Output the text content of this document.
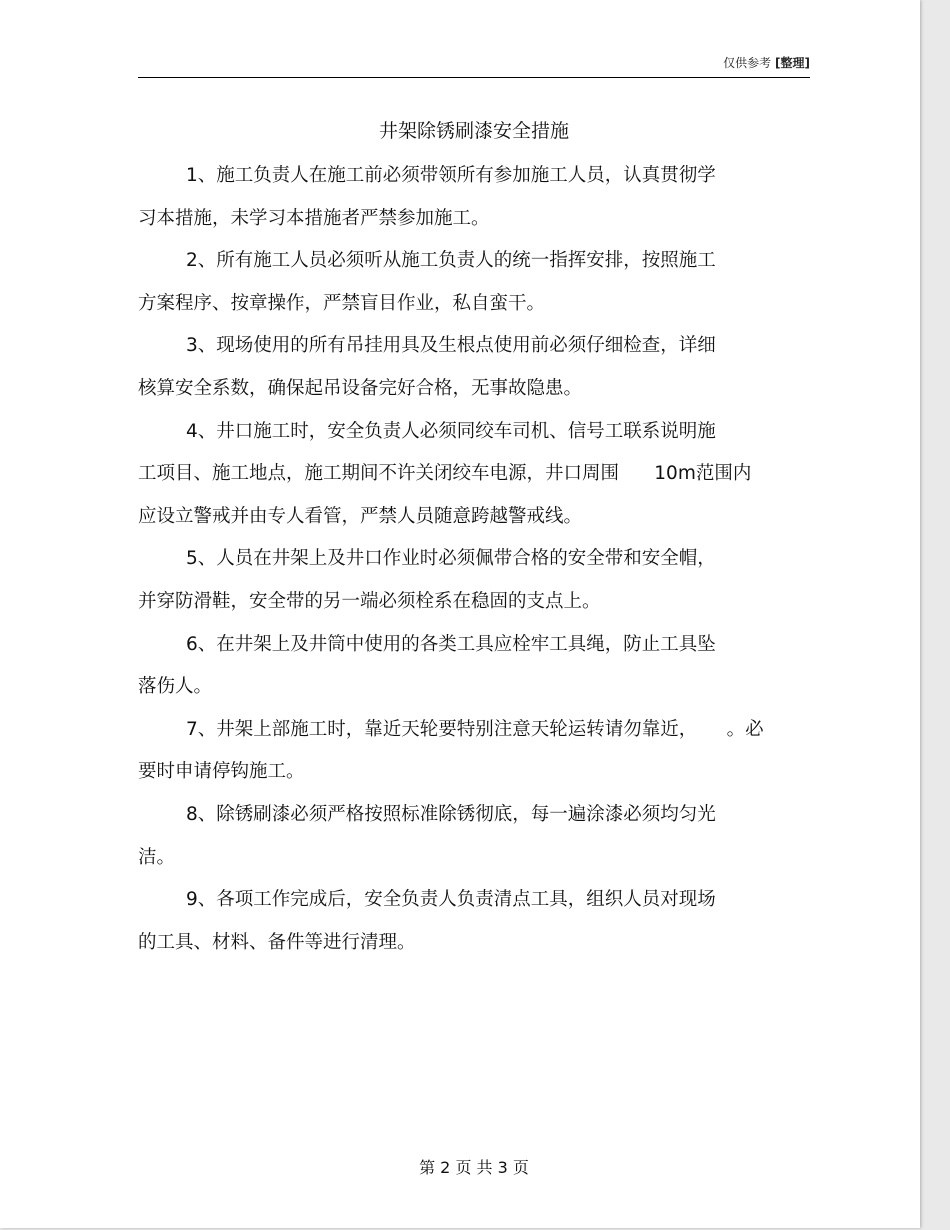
仅供参考 [整理]
井架除锈刷漆安全措施

1、施工负责人在施工前必须带领所有参加施工人员，认真贯彻学
习本措施，未学习本措施者严禁参加施工。

2、所有施工人员必须听从施工负责人的统一指挥安排，按照施工
方案程序、按章操作，严禁盲目作业，私自蛮干。

3、现场使用的所有吊挂用具及生根点使用前必须仔细检查，详细
核算安全系数，确保起吊设备完好合格，无事故隐患。

4、井口施工时，安全负责人必须同绞车司机、信号工联系说明施
工项目、施工地点，施工期间不许关闭绞车电源，井口周围      10m范围内
应设立警戒并由专人看管，严禁人员随意跨越警戒线。

5、人员在井架上及井口作业时必须佩带合格的安全带和安全帽，
并穿防滑鞋，安全带的另一端必须栓系在稳固的支点上。

6、在井架上及井筒中使用的各类工具应栓牢工具绳，防止工具坠
落伤人。

7、井架上部施工时，靠近天轮要特别注意天轮运转请勿靠近，     。必
要时申请停钩施工。

8、除锈刷漆必须严格按照标准除锈彻底，每一遍涂漆必须均匀光
洁。

9、各项工作完成后，安全负责人负责清点工具，组织人员对现场
的工具、材料、备件等进行清理。

第 2 页 共 3 页
